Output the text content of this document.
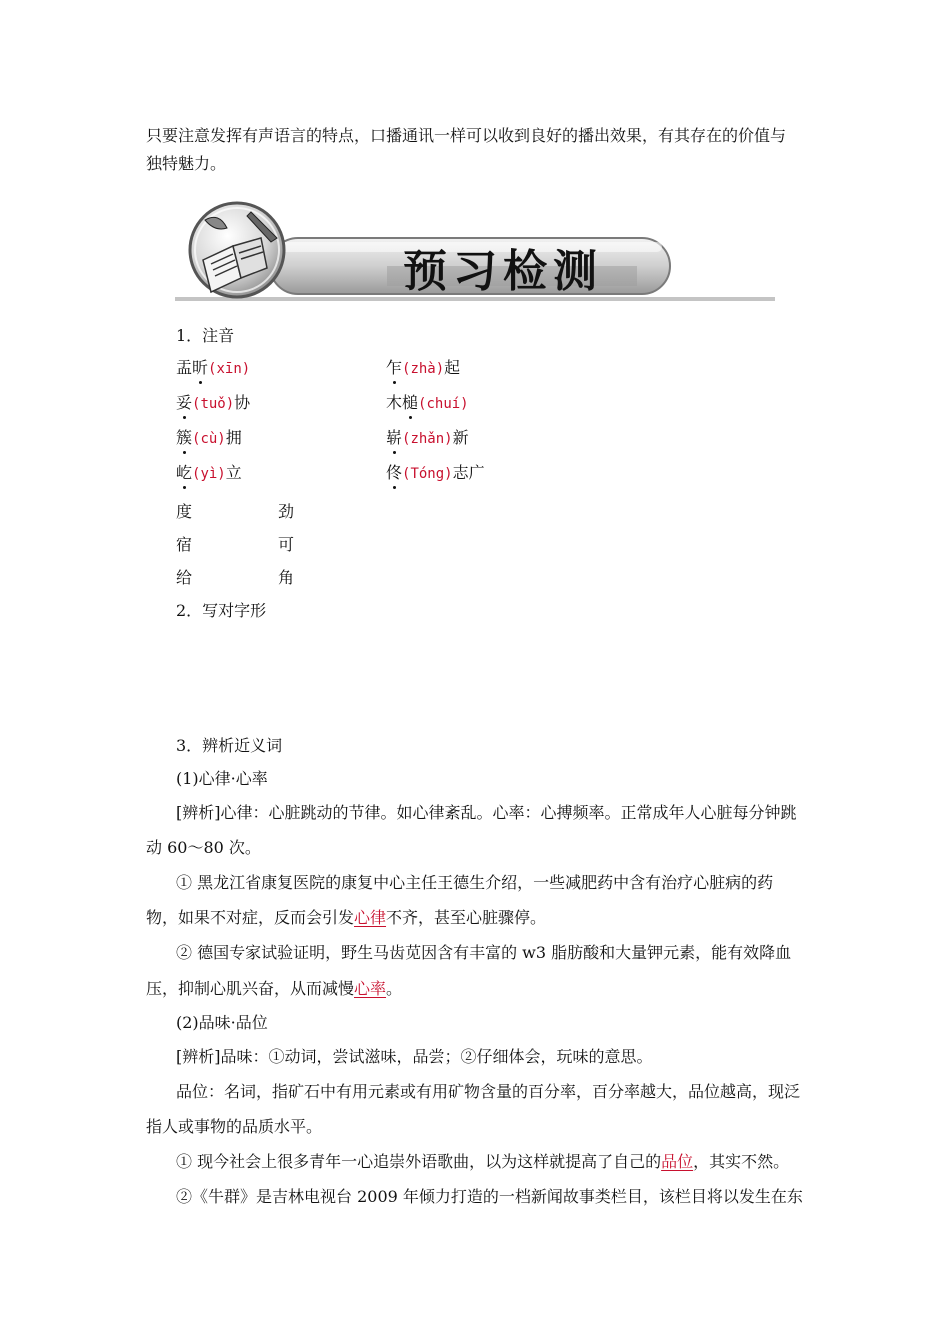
只要注意发挥有声语言的特点，口播通讯一样可以收到良好的播出效果，有其存在的价值与
独特魅力。
预习检测
1．注音
盂昕(xīn)	乍(zhà)起
妥(tuǒ)协	木槌(chuí)
簇(cù)拥	崭(zhǎn)新
屹(yì)立	佟(Tóng)志广
度	劲
宿	可
给	角
2．写对字形
3．辨析近义词
(1)心律·心率
[辨析]心律：心脏跳动的节律。如心律紊乱。心率：心搏频率。正常成年人心脏每分钟跳
动 60～80 次。
① 黑龙江省康复医院的康复中心主任王德生介绍，一些减肥药中含有治疗心脏病的药
物，如果不对症，反而会引发心律不齐，甚至心脏骤停。
② 德国专家试验证明，野生马齿苋因含有丰富的 w3 脂肪酸和大量钾元素，能有效降血
压，抑制心肌兴奋，从而减慢心率。
(2)品味·品位
[辨析]品味：①动词，尝试滋味，品尝；②仔细体会，玩味的意思。
品位：名词，指矿石中有用元素或有用矿物含量的百分率，百分率越大，品位越高，现泛
指人或事物的品质水平。
① 现今社会上很多青年一心追崇外语歌曲，以为这样就提高了自己的品位，其实不然。
②《牛群》是吉林电视台 2009 年倾力打造的一档新闻故事类栏目，该栏目将以发生在东
